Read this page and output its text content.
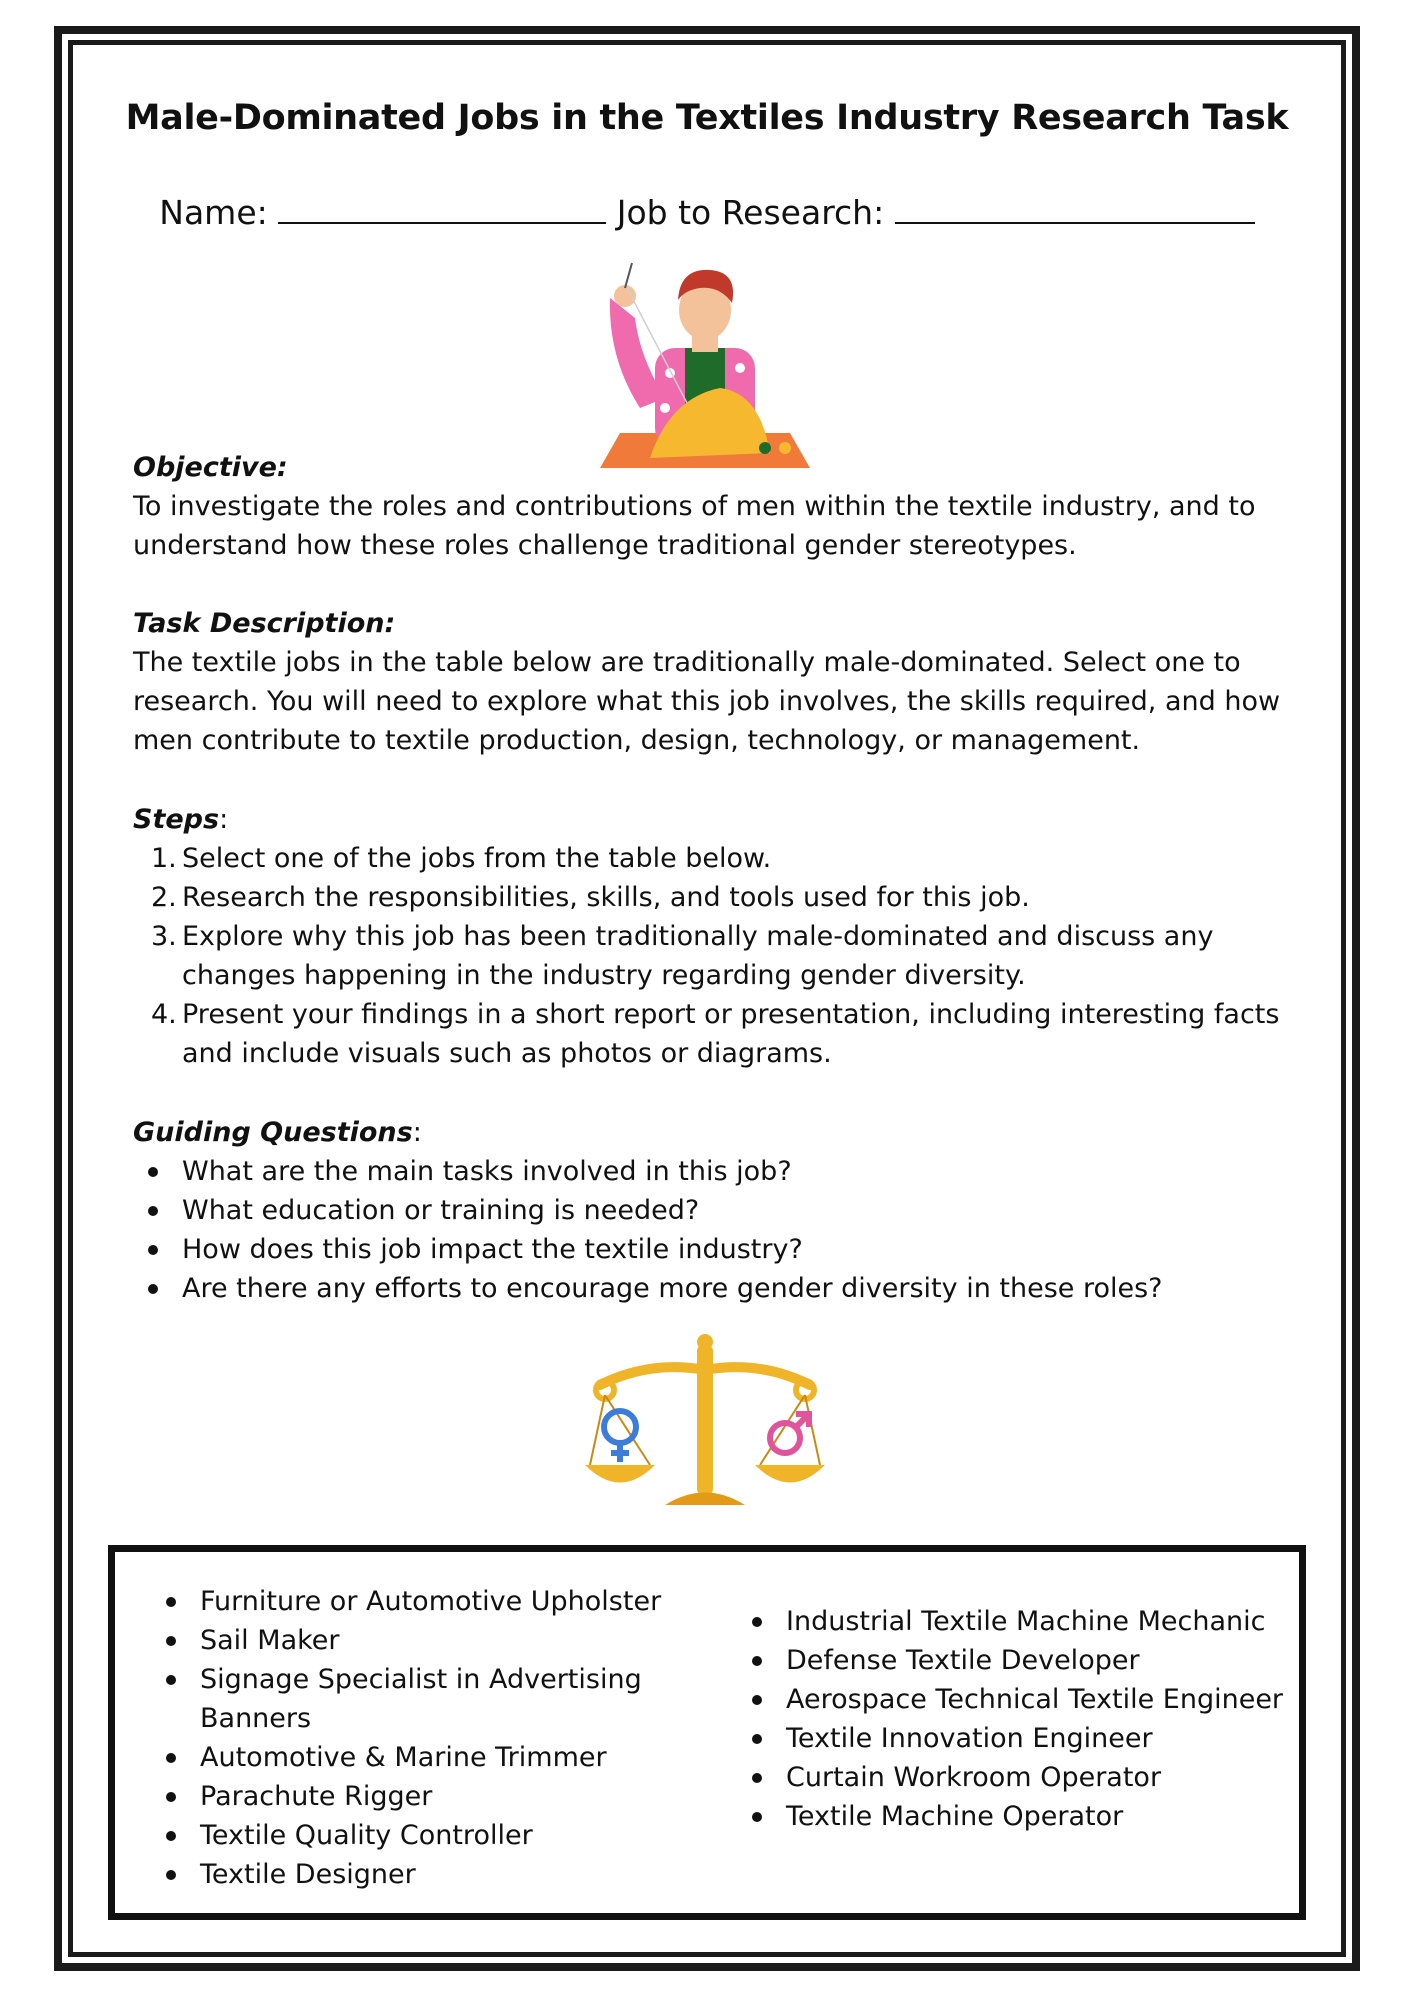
Male-Dominated Jobs in the Textiles Industry Research Task
Name:	Job to Research:
Objective:
To investigate the roles and contributions of men within the textile industry, and to understand how these roles challenge traditional gender stereotypes.
Task Description:
The textile jobs in the table below are traditionally male-dominated. Select one to research. You will need to explore what this job involves, the skills required, and how men contribute to textile production, design, technology, or management.
Steps:
1. Select one of the jobs from the table below.
2. Research the responsibilities, skills, and tools used for this job.
3. Explore why this job has been traditionally male-dominated and discuss any changes happening in the industry regarding gender diversity.
4. Present your findings in a short report or presentation, including interesting facts and include visuals such as photos or diagrams.
Guiding Questions:
What are the main tasks involved in this job?
What education or training is needed?
How does this job impact the textile industry?
Are there any efforts to encourage more gender diversity in these roles?
Furniture or Automotive Upholster
Sail Maker
Signage Specialist in Advertising Banners
Automotive & Marine Trimmer
Parachute Rigger
Textile Quality Controller
Textile Designer
Industrial Textile Machine Mechanic
Defense Textile Developer
Aerospace Technical Textile Engineer
Textile Innovation Engineer
Curtain Workroom Operator
Textile Machine Operator
